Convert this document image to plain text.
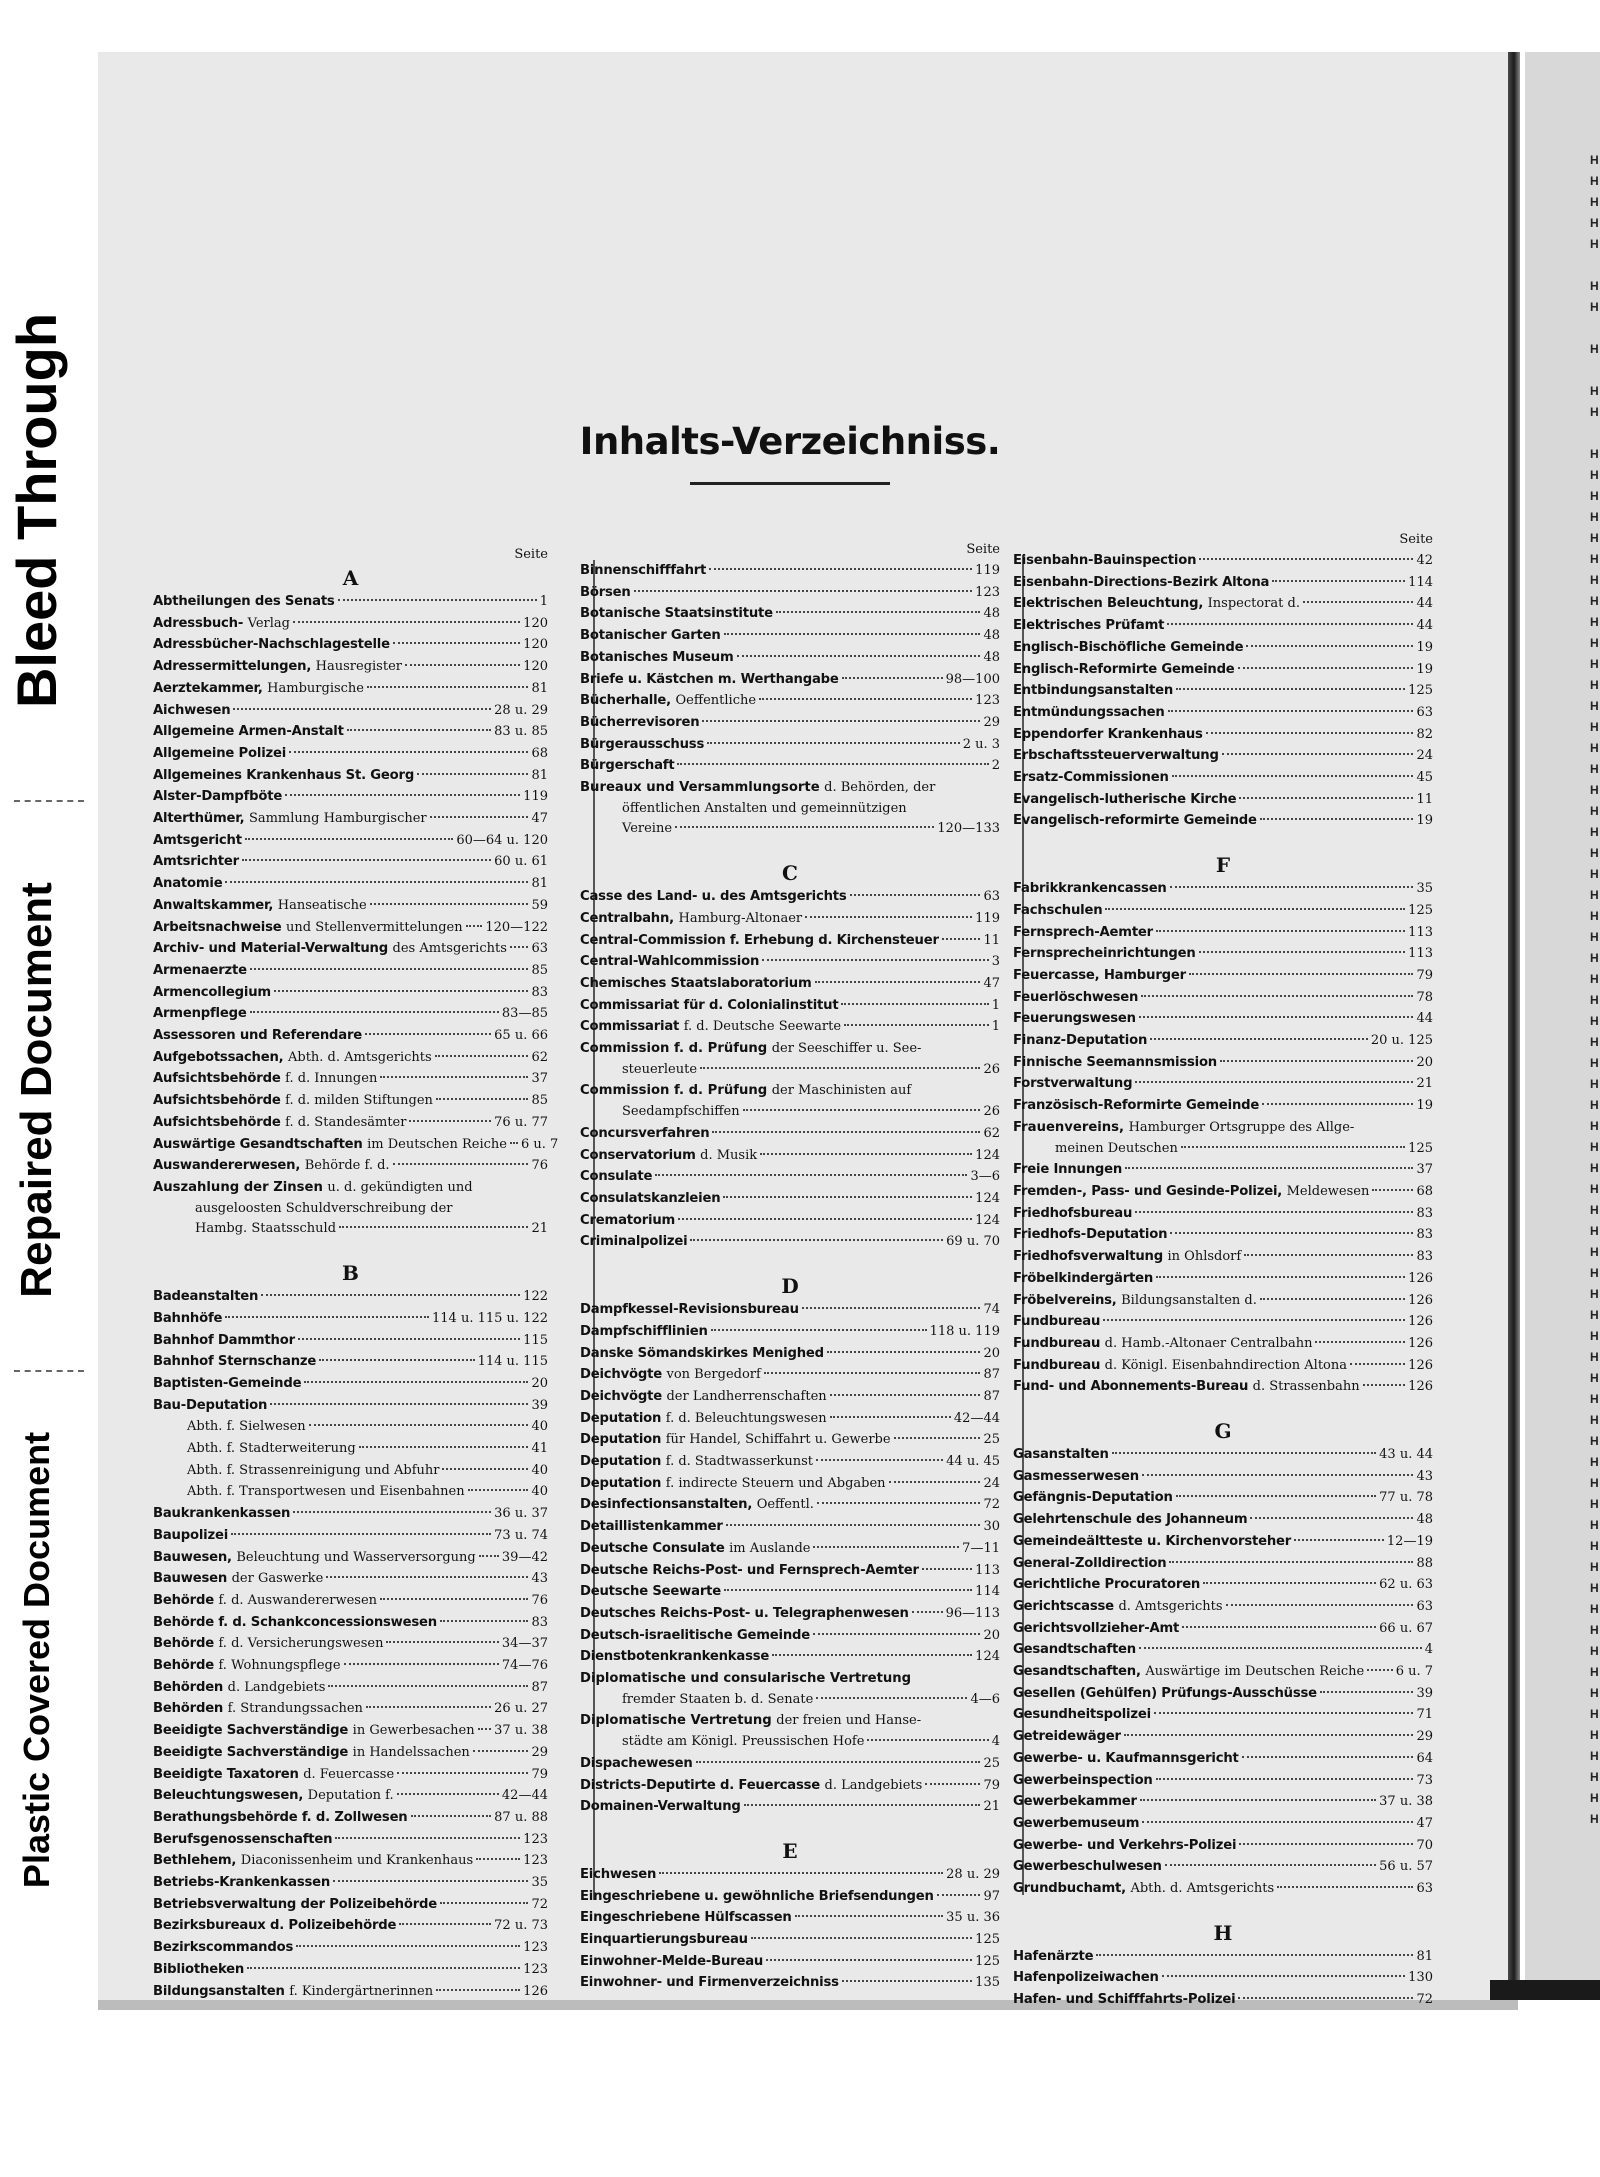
Bleed Through
Repaired Document
Plastic Covered Document
H
H
H
H
H
H
H
H
H
H
H
H
H
H
H
H
H
H
H
H
H
H
H
H
H
H
H
H
H
H
H
H
H
H
H
H
H
H
H
H
H
H
H
H
H
H
H
H
H
H
H
H
H
H
H
H
H
H
H
H
H
H
H
H
H
H
H
H
H
H
H
H
H
H
H
H
Inhalts-Verzeichniss.
Seite
A
Abtheilungen des Senats	1
Adressbuch- Verlag	120
Adressbücher-Nachschlagestelle	120
Adressermittelungen, Hausregister	120
Aerztekammer, Hamburgische	81
Aichwesen	28 u. 29
Allgemeine Armen-Anstalt	83 u. 85
Allgemeine Polizei	68
Allgemeines Krankenhaus St. Georg	81
Alster-Dampfböte	119
Alterthümer, Sammlung Hamburgischer	47
Amtsgericht	60—64 u. 120
Amtsrichter	60 u. 61
Anatomie	81
Anwaltskammer, Hanseatische	59
Arbeitsnachweise und Stellenvermittelungen 120—122
Archiv- und Material-Verwaltung des Amtsgerichts 63
Armenaerzte	85
Armencollegium	83
Armenpflege	83—85
Assessoren und Referendare	65 u. 66
Aufgebotssachen, Abth. d. Amtsgerichts	62
Aufsichtsbehörde f. d. Innungen	37
Aufsichtsbehörde f. d. milden Stiftungen	85
Aufsichtsbehörde f. d. Standesämter	76 u. 77
Auswärtige Gesandtschaften im Deutschen Reiche 6 u. 7
Auswandererwesen, Behörde f. d.	76
Auszahlung der Zinsen u. d. gekündigten und
ausgeloosten Schuldverschreibung der
Hambg. Staatsschuld	21
B
Badeanstalten	122
Bahnhöfe	114 u. 115 u. 122
Bahnhof Dammthor	115
Bahnhof Sternschanze	114 u. 115
Baptisten-Gemeinde	20
Bau-Deputation	39
Abth. f. Sielwesen	40
Abth. f. Stadterweiterung	41
Abth. f. Strassenreinigung und Abfuhr	40
Abth. f. Transportwesen und Eisenbahnen	40
Baukrankenkassen	36 u. 37
Baupolizei	73 u. 74
Bauwesen, Beleuchtung und Wasserversorgung 39—42
Bauwesen der Gaswerke	43
Behörde f. d. Auswandererwesen	76
Behörde f. d. Schankconcessionswesen	83
Behörde f. d. Versicherungswesen	34—37
Behörde f. Wohnungspflege	74—76
Behörden d. Landgebiets	87
Behörden f. Strandungssachen	26 u. 27
Beeidigte Sachverständige in Gewerbesachen 37 u. 38
Beeidigte Sachverständige in Handelssachen	29
Beeidigte Taxatoren d. Feuercasse	79
Beleuchtungswesen, Deputation f.	42—44
Berathungsbehörde f. d. Zollwesen	87 u. 88
Berufsgenossenschaften	123
Bethlehem, Diaconissenheim und Krankenhaus	123
Betriebs-Krankenkassen	35
Betriebsverwaltung der Polizeibehörde	72
Bezirksbureaux d. Polizeibehörde	72 u. 73
Bezirkscommandos	123
Bibliotheken	123
Bildungsanstalten f. Kindergärtnerinnen	126
Seite
Binnenschifffahrt	119
Börsen	123
Botanische Staatsinstitute	48
Botanischer Garten	48
Botanisches Museum	48
Briefe u. Kästchen m. Werthangabe	98—100
Bücherhalle, Oeffentliche	123
Bücherrevisoren	29
Bürgerausschuss	2 u. 3
Bürgerschaft	2
Bureaux und Versammlungsorte d. Behörden, der
öffentlichen Anstalten und gemeinnützigen
Vereine	120—133
C
Casse des Land- u. des Amtsgerichts	63
Centralbahn, Hamburg-Altonaer	119
Central-Commission f. Erhebung d. Kirchensteuer	11
Central-Wahlcommission	3
Chemisches Staatslaboratorium	47
Commissariat für d. Colonialinstitut	1
Commissariat f. d. Deutsche Seewarte	1
Commission f. d. Prüfung der Seeschiffer u. See-
steuerleute	26
Commission f. d. Prüfung der Maschinisten auf
Seedampfschiffen	26
Concursverfahren	62
Conservatorium d. Musik	124
Consulate	3—6
Consulatskanzleien	124
Crematorium	124
Criminalpolizei	69 u. 70
D
Dampfkessel-Revisionsbureau	74
Dampfschifflinien	118 u. 119
Danske Sömandskirkes Menighed	20
Deichvögte von Bergedorf	87
Deichvögte der Landherrenschaften	87
Deputation f. d. Beleuchtungswesen	42—44
Deputation für Handel, Schiffahrt u. Gewerbe	25
Deputation f. d. Stadtwasserkunst	44 u. 45
Deputation f. indirecte Steuern und Abgaben	24
Desinfectionsanstalten, Oeffentl.	72
Detaillistenkammer	30
Deutsche Consulate im Auslande	7—11
Deutsche Reichs-Post- und Fernsprech-Aemter	113
Deutsche Seewarte	114
Deutsches Reichs-Post- u. Telegraphenwesen	96—113
Deutsch-israelitische Gemeinde	20
Dienstbotenkrankenkasse	124
Diplomatische und consularische Vertretung
fremder Staaten b. d. Senate	4—6
Diplomatische Vertretung der freien und Hanse-
städte am Königl. Preussischen Hofe	4
Dispachewesen	25
Districts-Deputirte d. Feuercasse d. Landgebiets	79
Domainen-Verwaltung	21
E
Eichwesen	28 u. 29
Eingeschriebene u. gewöhnliche Briefsendungen	97
Eingeschriebene Hülfscassen	35 u. 36
Einquartierungsbureau	125
Einwohner-Melde-Bureau	125
Einwohner- und Firmenverzeichniss	135
Seite
Eisenbahn-Bauinspection	42
Eisenbahn-Directions-Bezirk Altona	114
Elektrischen Beleuchtung, Inspectorat d.	44
Elektrisches Prüfamt	44
Englisch-Bischöfliche Gemeinde	19
Englisch-Reformirte Gemeinde	19
Entbindungsanstalten	125
Entmündungssachen	63
Eppendorfer Krankenhaus	82
Erbschaftssteuerverwaltung	24
Ersatz-Commissionen	45
Evangelisch-lutherische Kirche	11
Evangelisch-reformirte Gemeinde	19
F
Fabrikkrankencassen	35
Fachschulen	125
Fernsprech-Aemter	113
Fernsprecheinrichtungen	113
Feuercasse, Hamburger	79
Feuerlöschwesen	78
Feuerungswesen	44
Finanz-Deputation	20 u. 125
Finnische Seemannsmission	20
Forstverwaltung	21
Französisch-Reformirte Gemeinde	19
Frauenvereins, Hamburger Ortsgruppe des Allge-
meinen Deutschen	125
Freie Innungen	37
Fremden-, Pass- und Gesinde-Polizei, Meldewesen	68
Friedhofsbureau	83
Friedhofs-Deputation	83
Friedhofsverwaltung in Ohlsdorf	83
Fröbelkindergärten	126
Fröbelvereins, Bildungsanstalten d.	126
Fundbureau	126
Fundbureau d. Hamb.-Altonaer Centralbahn	126
Fundbureau d. Königl. Eisenbahndirection Altona	126
Fund- und Abonnements-Bureau d. Strassenbahn	126
G
Gasanstalten	43 u. 44
Gasmesserwesen	43
Gefängnis-Deputation	77 u. 78
Gelehrtenschule des Johanneum	48
Gemeindeältteste u. Kirchenvorsteher	12—19
General-Zolldirection	88
Gerichtliche Procuratoren	62 u. 63
Gerichtscasse d. Amtsgerichts	63
Gerichtsvollzieher-Amt	66 u. 67
Gesandtschaften	4
Gesandtschaften, Auswärtige im Deutschen Reiche 6 u. 7
Gesellen (Gehülfen) Prüfungs-Ausschüsse	39
Gesundheitspolizei	71
Getreidewäger	29
Gewerbe- u. Kaufmannsgericht	64
Gewerbeinspection	73
Gewerbekammer	37 u. 38
Gewerbemuseum	47
Gewerbe- und Verkehrs-Polizei	70
Gewerbeschulwesen	56 u. 57
Grundbuchamt, Abth. d. Amtsgerichts	63
H
Hafenärzte	81
Hafenpolizeiwachen	130
Hafen- und Schifffahrts-Polizei	72
